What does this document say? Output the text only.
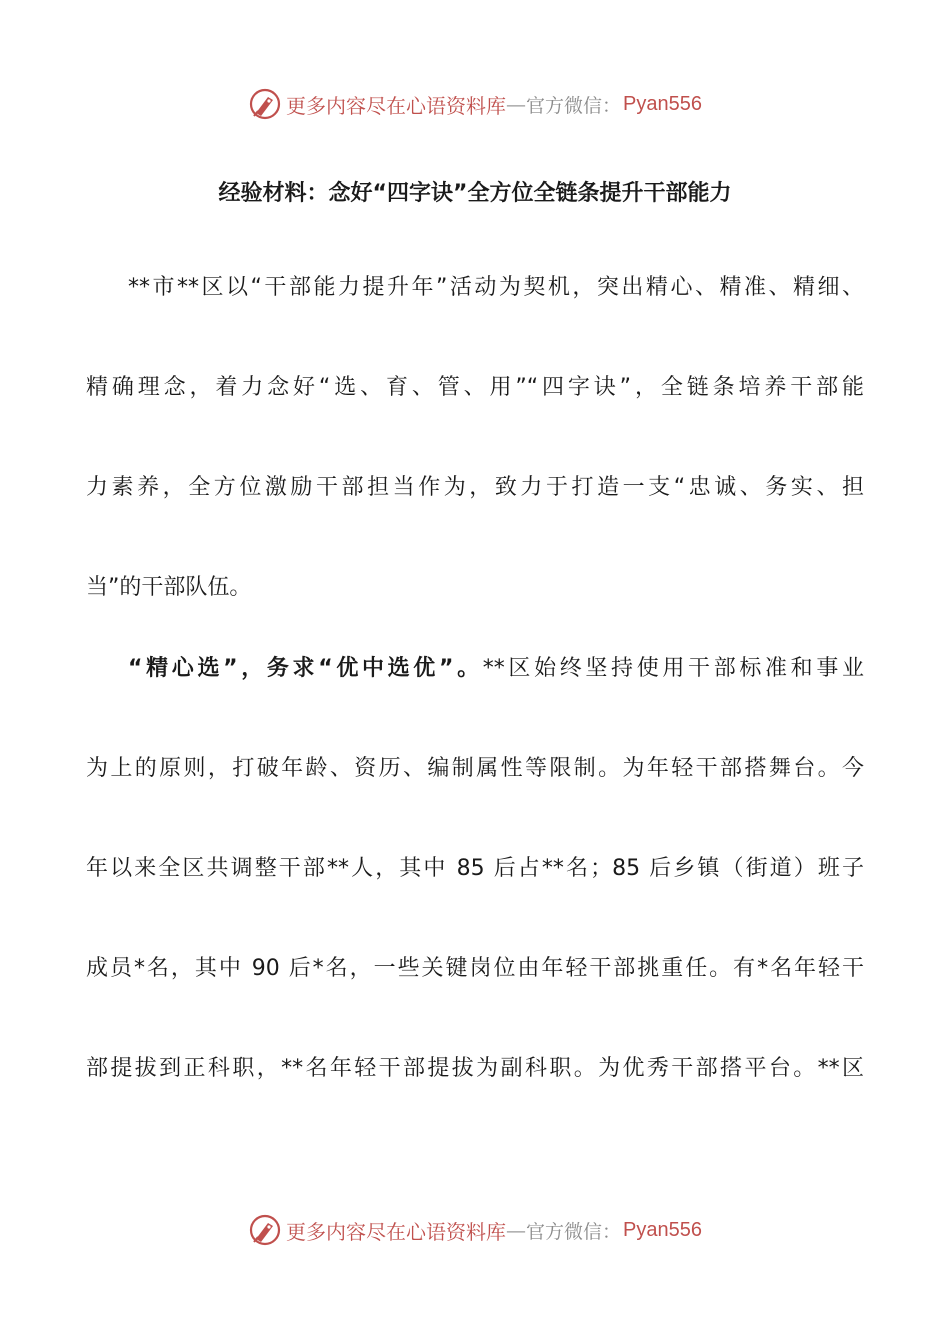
更多内容尽在心语资料库 — 官方微信： Pyan556
经验材料：念好“四字诀”全方位全链条提升干部能力
**市**区以“干部能力提升年”活动为契机，突出精心、精准、精细、
精确理念，着力念好“选、育、管、用”“四字诀”，全链条培养干部能
力素养，全方位激励干部担当作为，致力于打造一支“忠诚、务实、担
当”的干部队伍。
“精心选”，务求“优中选优”。**区始终坚持使用干部标准和事业
为上的原则，打破年龄、资历、编制属性等限制。为年轻干部搭舞台。今
年以来全区共调整干部**人，其中 85 后占**名；85 后乡镇（街道）班子
成员*名，其中 90 后*名，一些关键岗位由年轻干部挑重任。有*名年轻干
部提拔到正科职，**名年轻干部提拔为副科职。为优秀干部搭平台。**区
更多内容尽在心语资料库 — 官方微信： Pyan556
